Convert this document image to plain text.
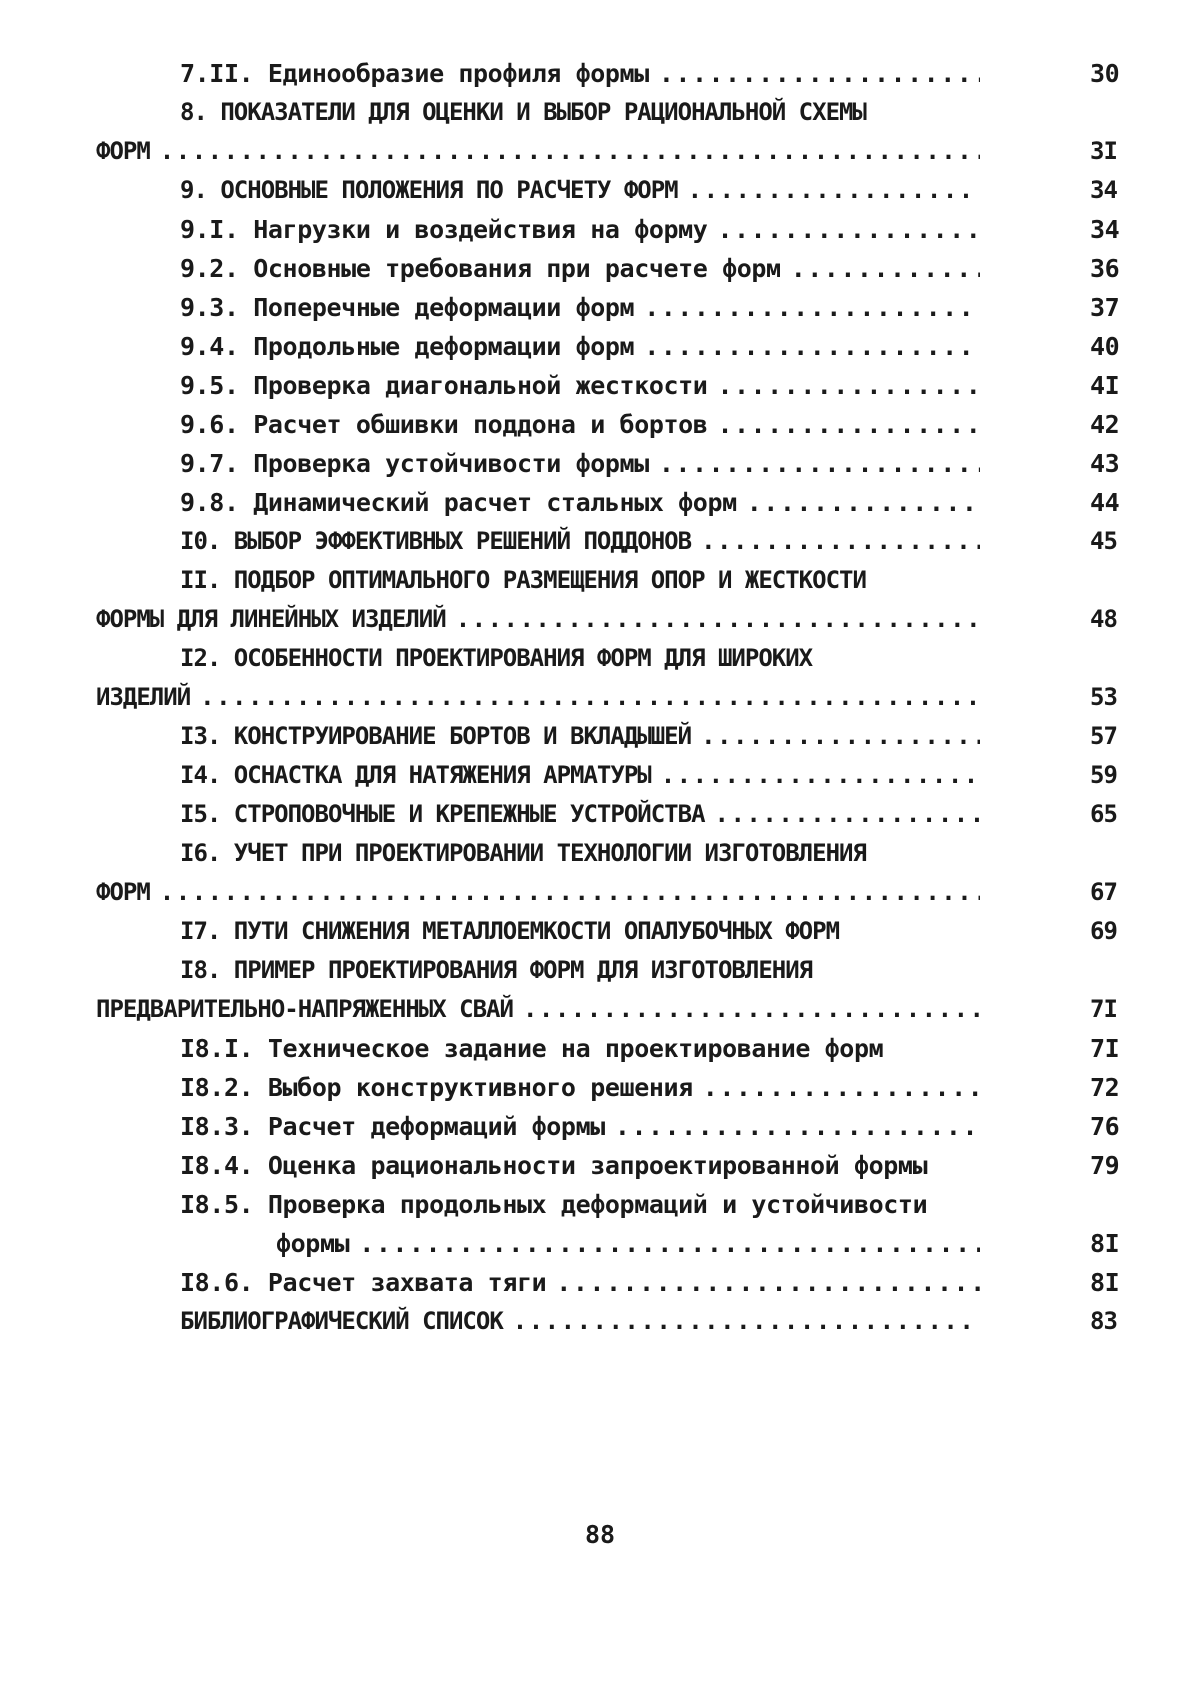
7.II. Единообразие профиля формы .....	30
8. ПОКАЗАТЕЛИ ДЛЯ ОЦЕНКИ И ВЫБОР РАЦИОНАЛЬНОЙ СХЕМЫ
ФОРМ .....	3I
9. ОСНОВНЫЕ ПОЛОЖЕНИЯ ПО РАСЧЕТУ ФОРМ .....	34
9.I. Нагрузки и воздействия на форму .....	34
9.2. Основные требования при расчете форм .....	36
9.3. Поперечные деформации форм .....	37
9.4. Продольные деформации форм .....	40
9.5. Проверка диагональной жесткости .....	4I
9.6. Расчет обшивки поддона и бортов .....	42
9.7. Проверка устойчивости формы .....	43
9.8. Динамический расчет стальных форм .....	44
I0. ВЫБОР ЭФФЕКТИВНЫХ РЕШЕНИЙ ПОДДОНОВ .....	45
II. ПОДБОР ОПТИМАЛЬНОГО РАЗМЕЩЕНИЯ ОПОР И ЖЕСТКОСТИ
ФОРМЫ ДЛЯ ЛИНЕЙНЫХ ИЗДЕЛИЙ .....	48
I2. ОСОБЕННОСТИ ПРОЕКТИРОВАНИЯ ФОРМ ДЛЯ ШИРОКИХ
ИЗДЕЛИЙ .....	53
I3. КОНСТРУИРОВАНИЕ БОРТОВ И ВКЛАДЫШЕЙ .....	57
I4. ОСНАСТКА ДЛЯ НАТЯЖЕНИЯ АРМАТУРЫ .....	59
I5. СТРОПОВОЧНЫЕ И КРЕПЕЖНЫЕ УСТРОЙСТВА .....	65
I6. УЧЕТ ПРИ ПРОЕКТИРОВАНИИ ТЕХНОЛОГИИ ИЗГОТОВЛЕНИЯ
ФОРМ .....	67
I7. ПУТИ СНИЖЕНИЯ МЕТАЛЛОЕМКОСТИ ОПАЛУБОЧНЫХ ФОРМ	69
I8. ПРИМЕР ПРОЕКТИРОВАНИЯ ФОРМ ДЛЯ ИЗГОТОВЛЕНИЯ
ПРЕДВАРИТЕЛЬНО-НАПРЯЖЕННЫХ СВАЙ .....	7I
I8.I. Техническое задание на проектирование форм	7I
I8.2. Выбор конструктивного решения .....	72
I8.3. Расчет деформаций формы .....	76
I8.4. Оценка рациональности запроектированной формы	79
I8.5. Проверка продольных деформаций и устойчивости
формы .....	8I
I8.6. Расчет захвата тяги .....	8I
БИБЛИОГРАФИЧЕСКИЙ СПИСОК .....	83
88
